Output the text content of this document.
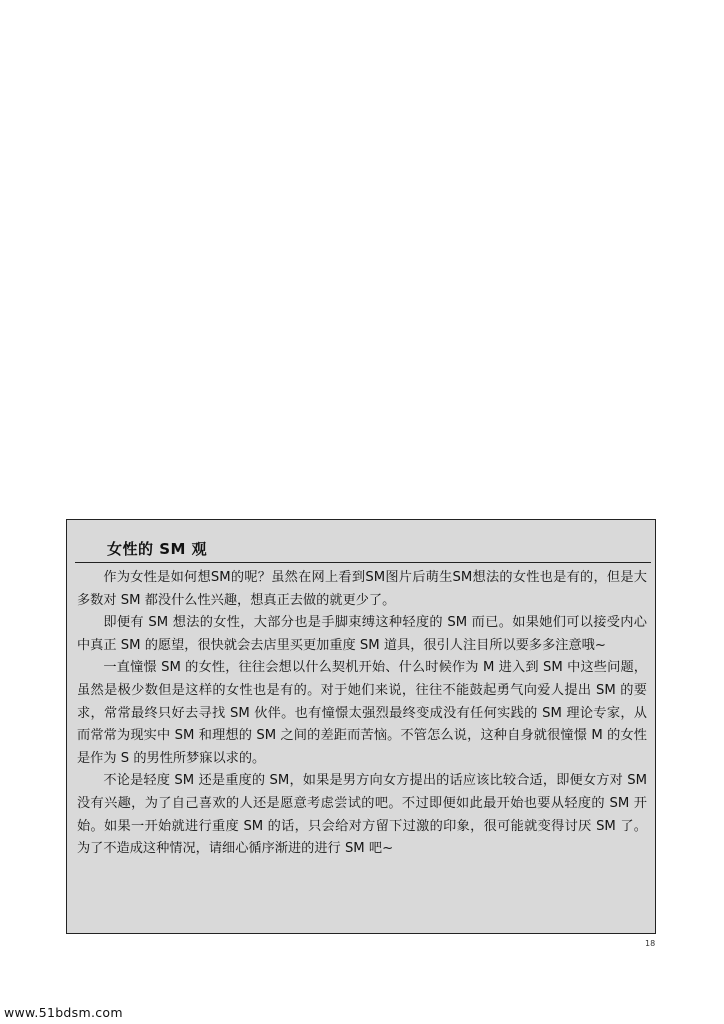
女性的 SM 观

作为女性是如何想SM的呢？虽然在网上看到SM图片后萌生SM想法的女性也是有的，但是大多数对 SM 都没什么性兴趣，想真正去做的就更少了。

即便有 SM 想法的女性，大部分也是手脚束缚这种轻度的 SM 而已。如果她们可以接受内心中真正 SM 的愿望，很快就会去店里买更加重度 SM 道具，很引人注目所以要多多注意哦~

一直憧憬 SM 的女性，往往会想以什么契机开始、什么时候作为 M 进入到 SM 中这些问题，虽然是极少数但是这样的女性也是有的。对于她们来说，往往不能鼓起勇气向爱人提出 SM 的要求，常常最终只好去寻找 SM 伙伴。也有憧憬太强烈最终变成没有任何实践的 SM 理论专家，从而常常为现实中 SM 和理想的 SM 之间的差距而苦恼。不管怎么说，这种自身就很憧憬 M 的女性是作为 S 的男性所梦寐以求的。

不论是轻度 SM 还是重度的 SM，如果是男方向女方提出的话应该比较合适，即便女方对 SM 没有兴趣，为了自己喜欢的人还是愿意考虑尝试的吧。不过即便如此最开始也要从轻度的 SM 开始。如果一开始就进行重度 SM 的话，只会给对方留下过激的印象，很可能就变得讨厌 SM 了。为了不造成这种情况，请细心循序渐进的进行 SM 吧~

18
www.51bdsm.com
